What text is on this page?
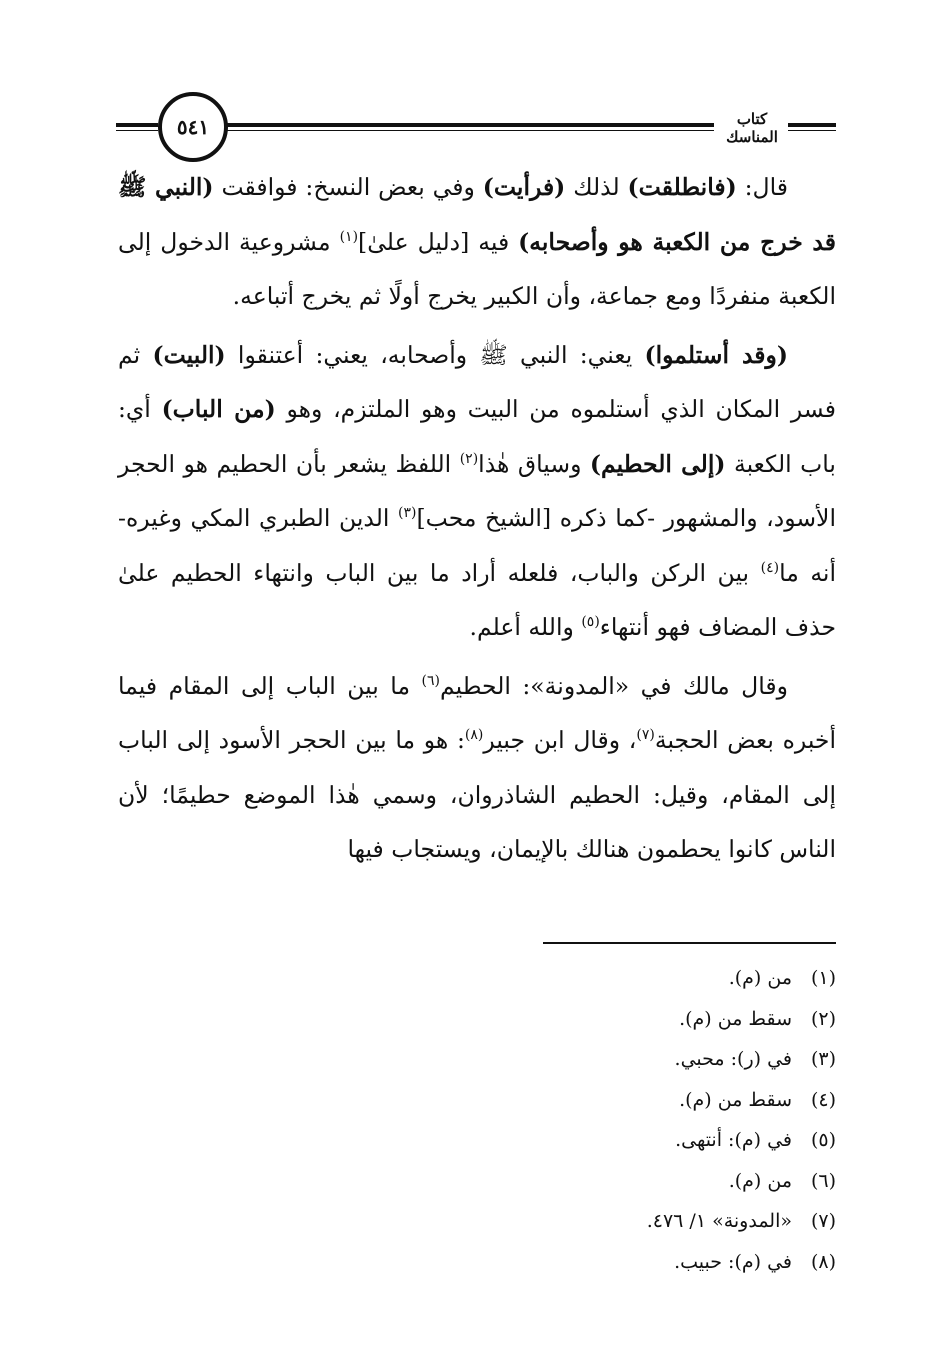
٥٤١	كتاب المناسك

قال: (فانطلقت) لذلك (فرأيت) وفي بعض النسخ: فوافقت (النبي ﷺ قد خرج من الكعبة هو وأصحابه) فيه [دليل علىٰ]$^{(١)}$ مشروعية الدخول إلى الكعبة منفردًا ومع جماعة، وأن الكبير يخرج أولًا ثم يخرج أتباعه.

(وقد أستلموا) يعني: النبي ﷺ وأصحابه، يعني: أعتنقوا (البيت) ثم فسر المكان الذي أستلموه من البيت وهو الملتزم، وهو (من الباب) أي: باب الكعبة (إلى الحطيم) وسياق هٰذا$^{(٢)}$ اللفظ يشعر بأن الحطيم هو الحجر الأسود، والمشهور -كما ذكره [الشيخ محب]$^{(٣)}$ الدين الطبري المكي وغيره- أنه ما$^{(٤)}$ بين الركن والباب، فلعله أراد ما بين الباب وانتهاء الحطيم علىٰ حذف المضاف فهو أنتهاء$^{(٥)}$ والله أعلم.

وقال مالك في «المدونة»: الحطيم$^{(٦)}$ ما بين الباب إلى المقام فيما أخبره بعض الحجبة$^{(٧)}$، وقال ابن جبير$^{(٨)}$: هو ما بين الحجر الأسود إلى الباب إلى المقام، وقيل: الحطيم الشاذروان، وسمي هٰذا الموضع حطيمًا؛ لأن الناس كانوا يحطمون هنالك بالإيمان، ويستجاب فيها

(١)من (م).
(٢)سقط من (م).
(٣)في (ر): محبي.
(٤)سقط من (م).
(٥)في (م): أنتهى.
(٦)من (م).
(٧)«المدونة» ١/ ٤٧٦.
(٨)في (م): حبيب.
